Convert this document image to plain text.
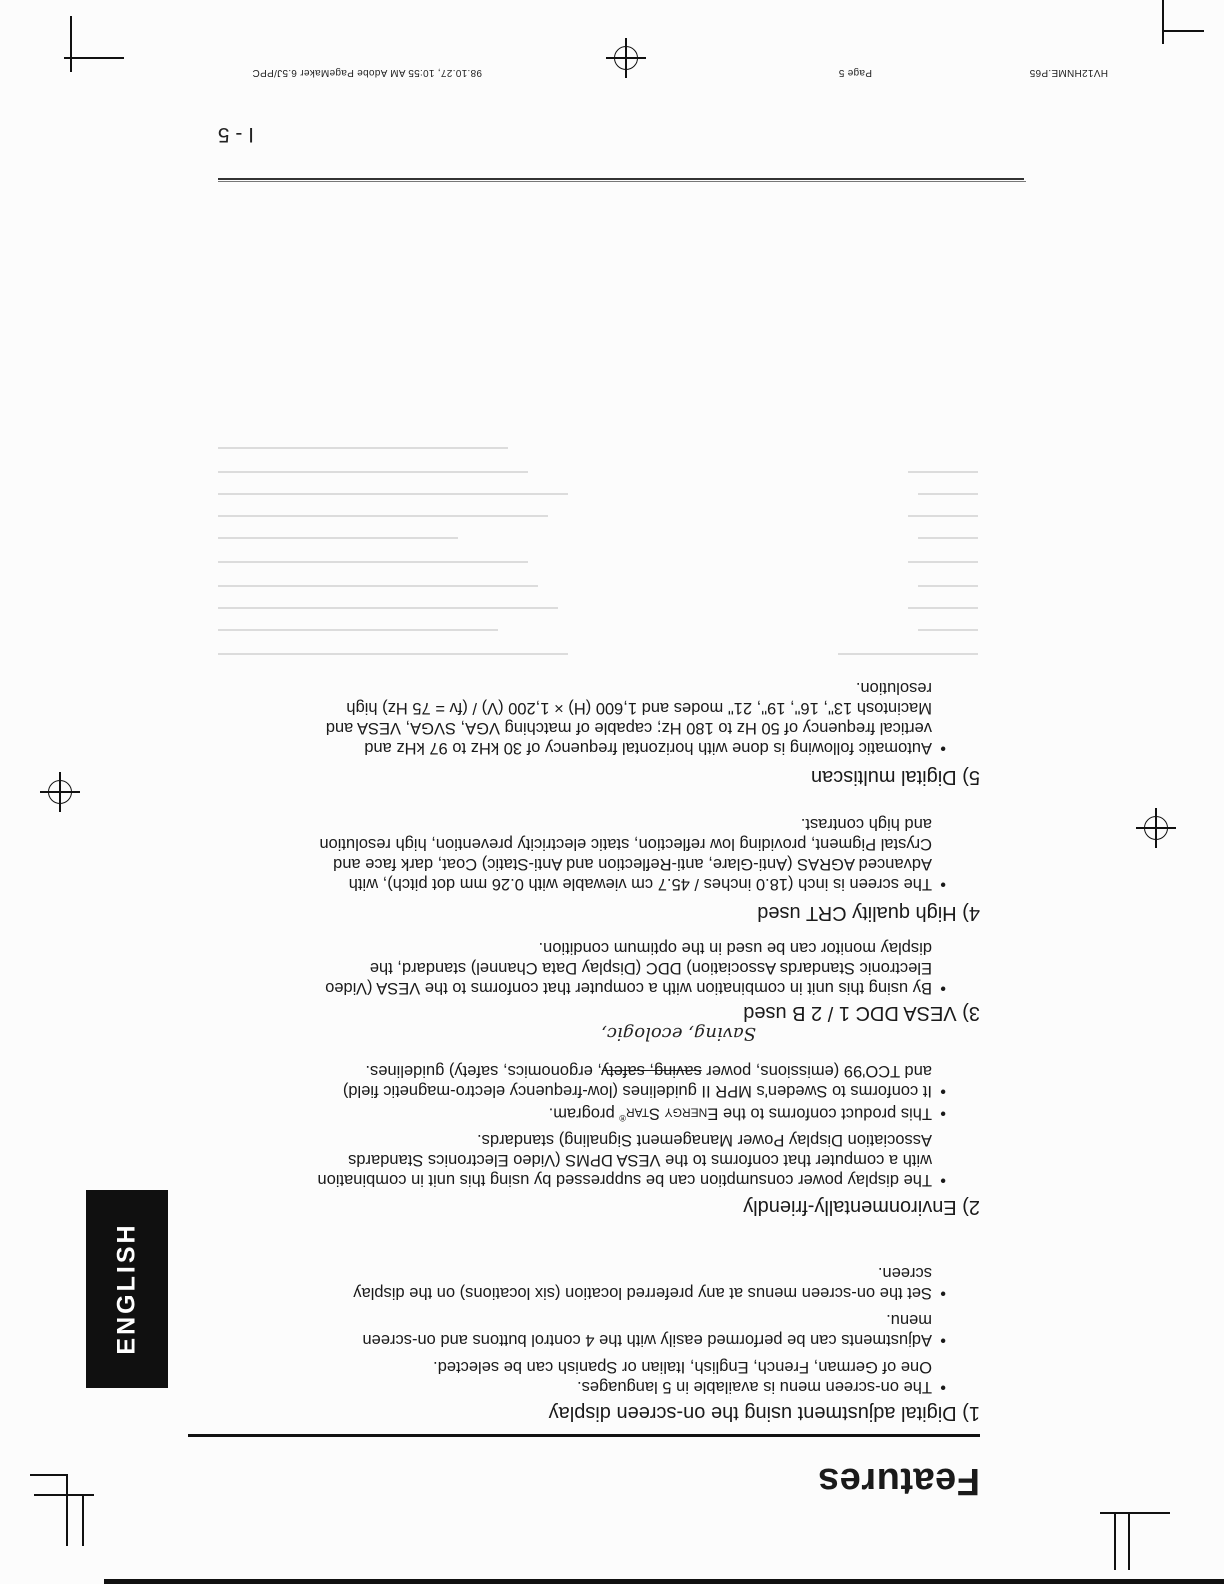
HV12HNME.P65
Page 5
98.10.27, 10:55 AM Adobe PageMaker 6.5J/PPC
I - 5
Features
ENGLISH
1) Digital adjustment using the on-screen display
•The on-screen menu is available in 5 languages.
One of German, French, English, Italian or Spanish can be selected.
•Adjustments can be performed easily with the 4 control buttons and on-screen
menu.
•Set the on-screen menus at any preferred location (six locations) on the display
screen.
2) Environmentally-friendly
•The display power consumption can be suppressed by using this unit in combination
with a computer that conforms to the VESA DPMS (Video Electronics Standards
Association Display Power Management Signaling) standards.
•This product conforms to the Energy Star® program.
•It conforms to Sweden's MPR II guidelines (low-frequency electro-magnetic field)
and TCO'99 (emissions, power saving, safety, ergonomics, safety) guidelines.
Saving, ecologic,
3) VESA DDC 1 / 2 B used
•By using this unit in combination with a computer that conforms to the VESA (Video
Electronic Standards Association) DDC (Display Data Channel) standard, the
display monitor can be used in the optimum condition.
4) High quality CRT used
•The screen is inch (18.0 inches / 45.7 cm viewable with 0.26 mm dot pitch), with
Advanced AGRAS (Anti-Glare, anti-Reflection and Anti-Static) Coat, dark face and
Crystal Pigment, providing low reflection, static electricity prevention, high resolution
and high contrast.
5) Digital multiscan
•Automatic following is done with horizontal frequency of 30 kHz to 97 kHz and
vertical frequency of 50 Hz to 180 Hz; capable of matching VGA, SVGA, VESA and
Macintosh 13", 16", 19", 21" modes and 1,600 (H) × 1,200 (V) / (fv = 75 Hz) high
resolution.
